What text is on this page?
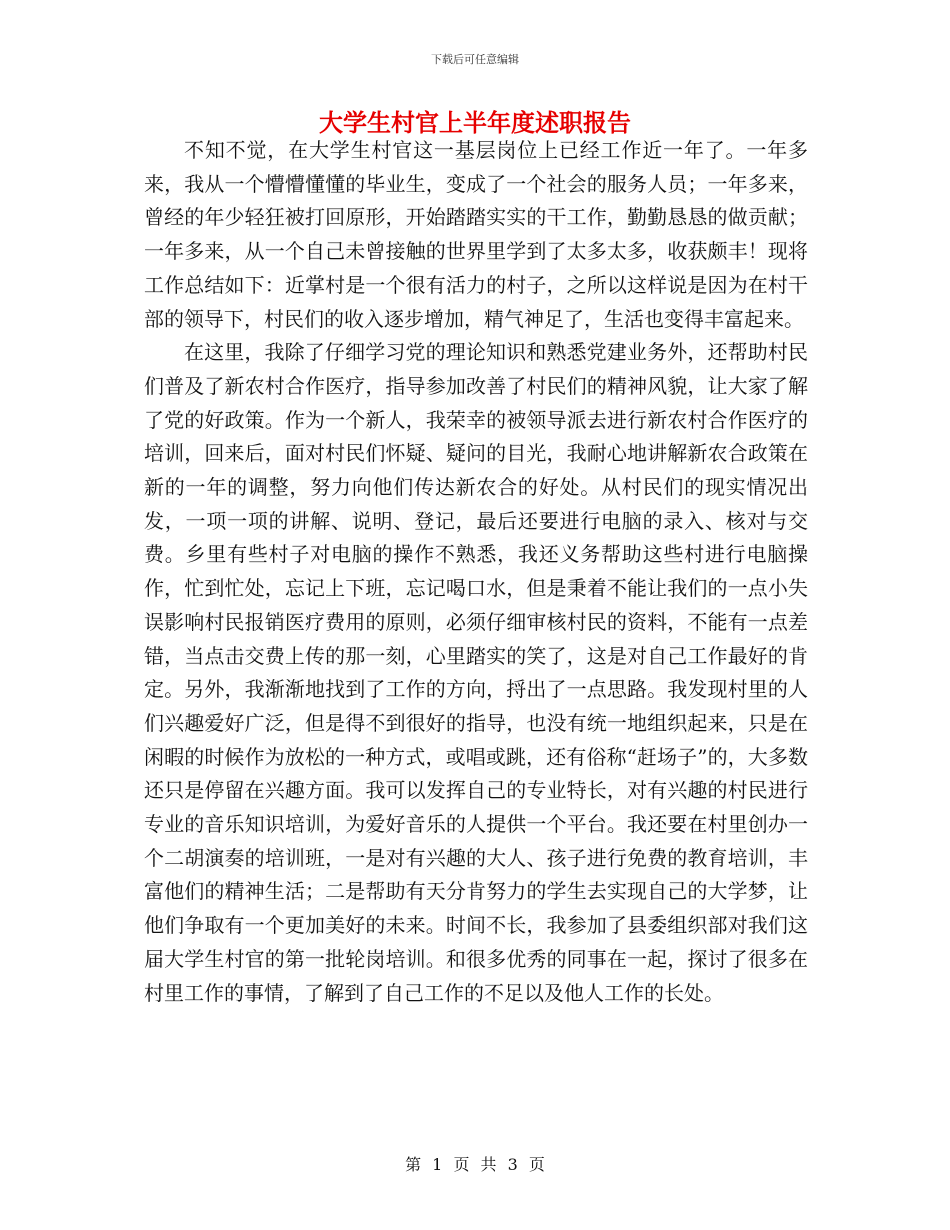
下载后可任意编辑
大学生村官上半年度述职报告

不知不觉，在大学生村官这一基层岗位上已经工作近一年了。一年多来，我从一个懵懵懂懂的毕业生，变成了一个社会的服务人员；一年多来，曾经的年少轻狂被打回原形，开始踏踏实实的干工作，勤勤恳恳的做贡献；一年多来，从一个自己未曾接触的世界里学到了太多太多，收获颇丰！现将工作总结如下：近掌村是一个很有活力的村子，之所以这样说是因为在村干部的领导下，村民们的收入逐步增加，精气神足了，生活也变得丰富起来。

在这里，我除了仔细学习党的理论知识和熟悉党建业务外，还帮助村民们普及了新农村合作医疗，指导参加改善了村民们的精神风貌，让大家了解了党的好政策。作为一个新人，我荣幸的被领导派去进行新农村合作医疗的培训，回来后，面对村民们怀疑、疑问的目光，我耐心地讲解新农合政策在新的一年的调整，努力向他们传达新农合的好处。从村民们的现实情况出发，一项一项的讲解、说明、登记，最后还要进行电脑的录入、核对与交费。乡里有些村子对电脑的操作不熟悉，我还义务帮助这些村进行电脑操作，忙到忙处，忘记上下班，忘记喝口水，但是秉着不能让我们的一点小失误影响村民报销医疗费用的原则，必须仔细审核村民的资料，不能有一点差错，当点击交费上传的那一刻，心里踏实的笑了，这是对自己工作最好的肯定。另外，我渐渐地找到了工作的方向，捋出了一点思路。我发现村里的人们兴趣爱好广泛，但是得不到很好的指导，也没有统一地组织起来，只是在闲暇的时候作为放松的一种方式，或唱或跳，还有俗称“赶场子”的，大多数还只是停留在兴趣方面。我可以发挥自己的专业特长，对有兴趣的村民进行专业的音乐知识培训，为爱好音乐的人提供一个平台。我还要在村里创办一个二胡演奏的培训班，一是对有兴趣的大人、孩子进行免费的教育培训，丰富他们的精神生活；二是帮助有天分肯努力的学生去实现自己的大学梦，让他们争取有一个更加美好的未来。时间不长，我参加了县委组织部对我们这届大学生村官的第一批轮岗培训。和很多优秀的同事在一起，探讨了很多在村里工作的事情，了解到了自己工作的不足以及他人工作的长处。

第 1 页 共 3 页
